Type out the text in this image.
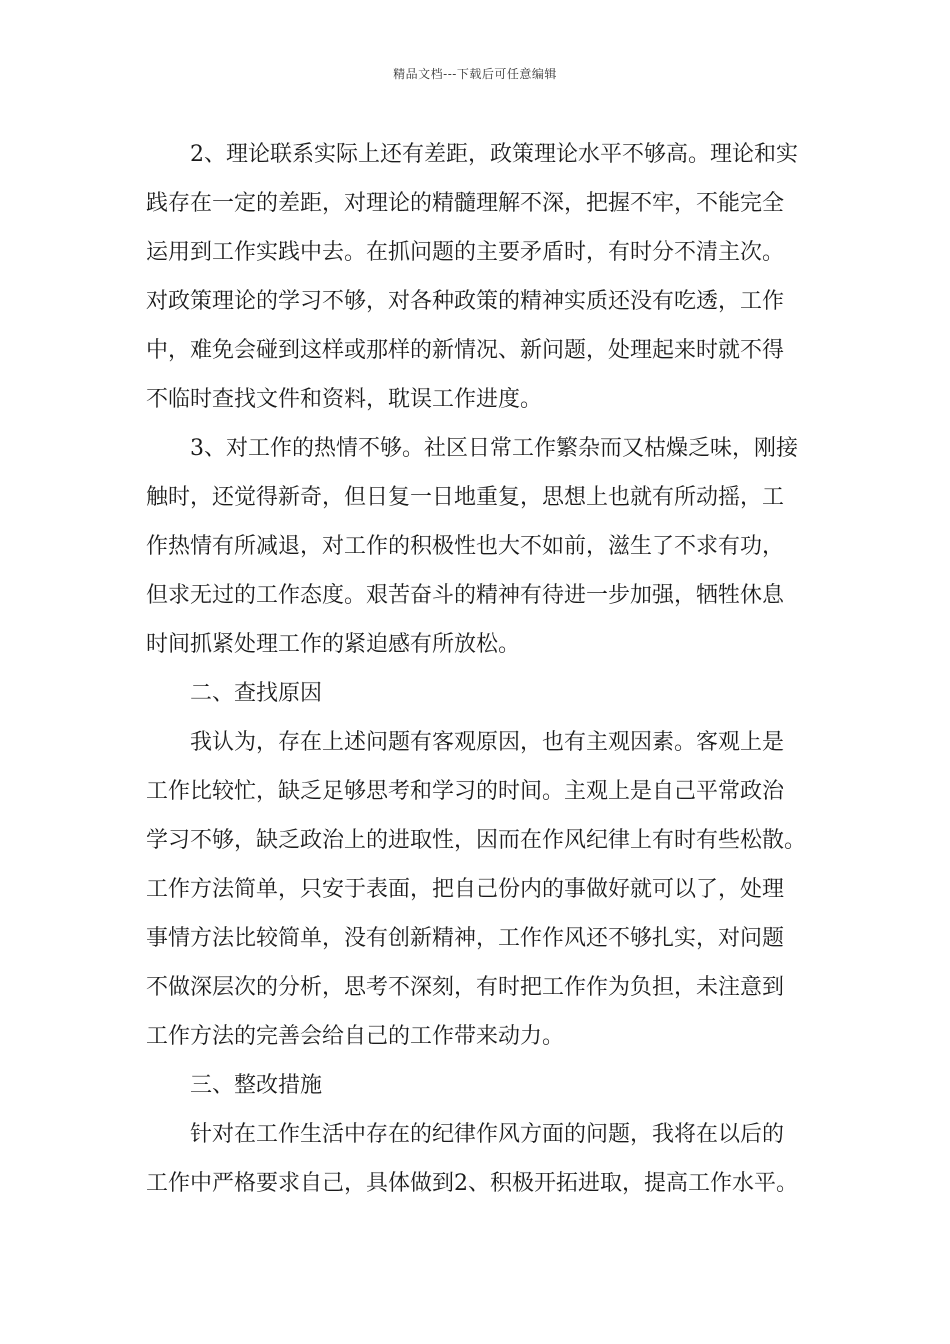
精品文档---下载后可任意编辑
2、理论联系实际上还有差距，政策理论水平不够高。理论和实
践存在一定的差距，对理论的精髓理解不深，把握不牢，不能完全
运用到工作实践中去。在抓问题的主要矛盾时，有时分不清主次。
对政策理论的学习不够，对各种政策的精神实质还没有吃透，工作
中，难免会碰到这样或那样的新情况、新问题，处理起来时就不得
不临时查找文件和资料，耽误工作进度。
3、对工作的热情不够。社区日常工作繁杂而又枯燥乏味，刚接
触时，还觉得新奇，但日复一日地重复，思想上也就有所动摇，工
作热情有所减退，对工作的积极性也大不如前，滋生了不求有功，
但求无过的工作态度。艰苦奋斗的精神有待进一步加强，牺牲休息
时间抓紧处理工作的紧迫感有所放松。
二、查找原因
我认为，存在上述问题有客观原因，也有主观因素。客观上是
工作比较忙，缺乏足够思考和学习的时间。主观上是自己平常政治
学习不够，缺乏政治上的进取性，因而在作风纪律上有时有些松散。
工作方法简单，只安于表面，把自己份内的事做好就可以了，处理
事情方法比较简单，没有创新精神，工作作风还不够扎实，对问题
不做深层次的分析，思考不深刻，有时把工作作为负担，未注意到
工作方法的完善会给自己的工作带来动力。
三、整改措施
针对在工作生活中存在的纪律作风方面的问题，我将在以后的
工作中严格要求自己，具体做到2、积极开拓进取，提高工作水平。
